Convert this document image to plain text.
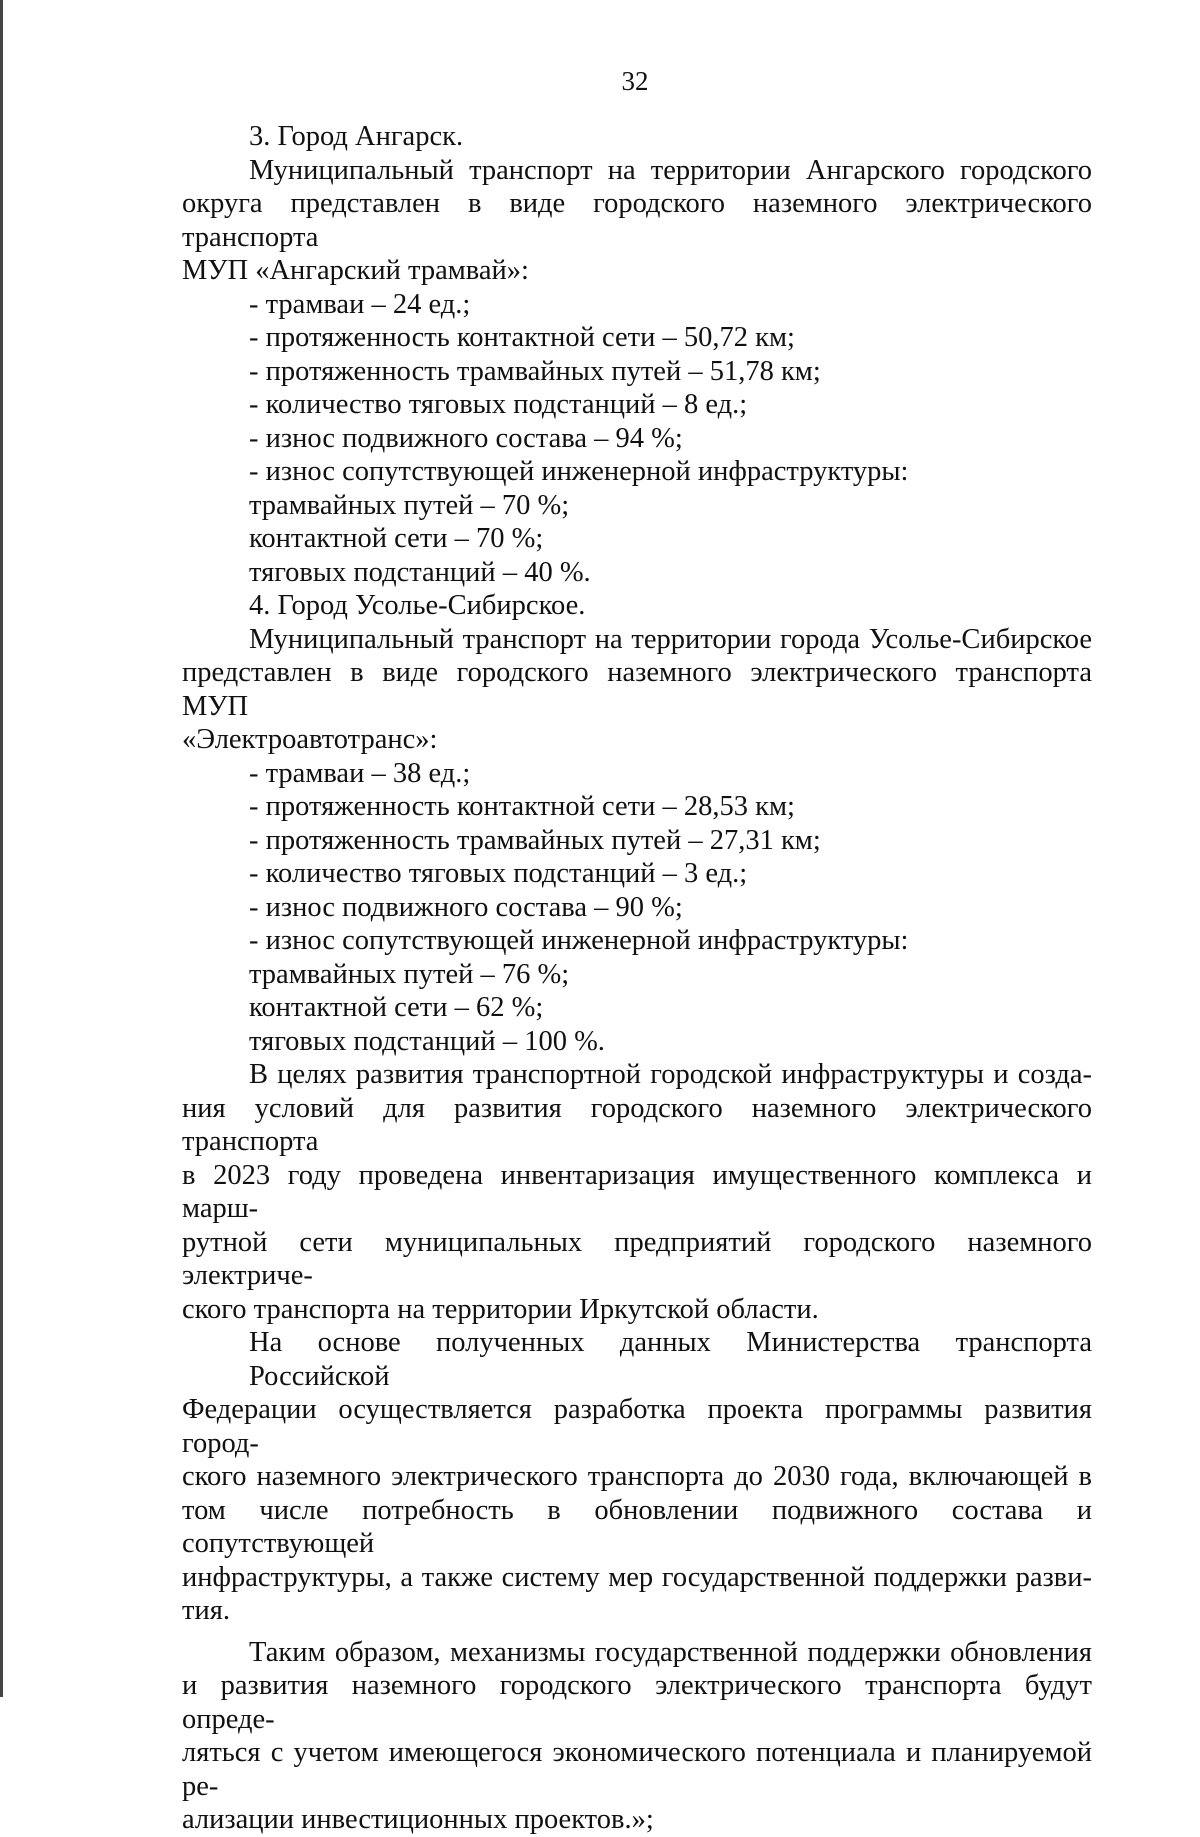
32
3. Город Ангарск.
Муниципальный транспорт на территории Ангарского городского
округа представлен в виде городского наземного электрического транспорта
МУП «Ангарский трамвай»:
- трамваи – 24 ед.;
- протяженность контактной сети – 50,72 км;
- протяженность трамвайных путей – 51,78 км;
- количество тяговых подстанций – 8 ед.;
- износ подвижного состава – 94 %;
- износ сопутствующей инженерной инфраструктуры:
трамвайных путей – 70 %;
контактной сети – 70 %;
тяговых подстанций – 40 %.
4. Город Усолье-Сибирское.
Муниципальный транспорт на территории города Усолье-Сибирское
представлен в виде городского наземного электрического транспорта МУП
«Электроавтотранс»:
- трамваи – 38 ед.;
- протяженность контактной сети – 28,53 км;
- протяженность трамвайных путей – 27,31 км;
- количество тяговых подстанций – 3 ед.;
- износ подвижного состава – 90 %;
- износ сопутствующей инженерной инфраструктуры:
трамвайных путей – 76 %;
контактной сети – 62 %;
тяговых подстанций – 100 %.
В целях развития транспортной городской инфраструктуры и созда-
ния условий для развития городского наземного электрического транспорта
в 2023 году проведена инвентаризация имущественного комплекса и марш-
рутной сети муниципальных предприятий городского наземного электриче-
ского транспорта на территории Иркутской области.
На основе полученных данных Министерства транспорта Российской
Федерации осуществляется разработка проекта программы развития город-
ского наземного электрического транспорта до 2030 года, включающей в
том числе потребность в обновлении подвижного состава и сопутствующей
инфраструктуры, а также систему мер государственной поддержки разви-
тия.
Таким образом, механизмы государственной поддержки обновления
и развития наземного городского электрического транспорта будут опреде-
ляться с учетом имеющегося экономического потенциала и планируемой ре-
ализации инвестиционных проектов.»;
